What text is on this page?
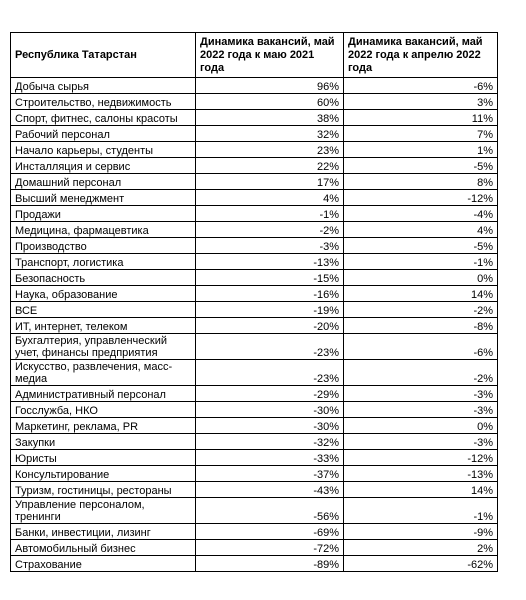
Республика Татарстан	Динамика вакансий, май 2022 года к маю 2021 года	Динамика вакансий, май 2022 года к апрелю 2022 года
Добыча сырья	96%	-6%
Строительство, недвижимость	60%	3%
Спорт, фитнес, салоны красоты	38%	11%
Рабочий персонал	32%	7%
Начало карьеры, студенты	23%	1%
Инсталляция и сервис	22%	-5%
Домашний персонал	17%	8%
Высший менеджмент	4%	-12%
Продажи	-1%	-4%
Медицина, фармацевтика	-2%	4%
Производство	-3%	-5%
Транспорт, логистика	-13%	-1%
Безопасность	-15%	0%
Наука, образование	-16%	14%
ВСЕ	-19%	-2%
ИТ, интернет, телеком	-20%	-8%
Бухгалтерия, управленческий учет, финансы предприятия	-23%	-6%
Искусство, развлечения, масс-медиа	-23%	-2%
Административный персонал	-29%	-3%
Госслужба, НКО	-30%	-3%
Маркетинг, реклама, PR	-30%	0%
Закупки	-32%	-3%
Юристы	-33%	-12%
Консультирование	-37%	-13%
Туризм, гостиницы, рестораны	-43%	14%
Управление персоналом, тренинги	-56%	-1%
Банки, инвестиции, лизинг	-69%	-9%
Автомобильный бизнес	-72%	2%
Страхование	-89%	-62%
